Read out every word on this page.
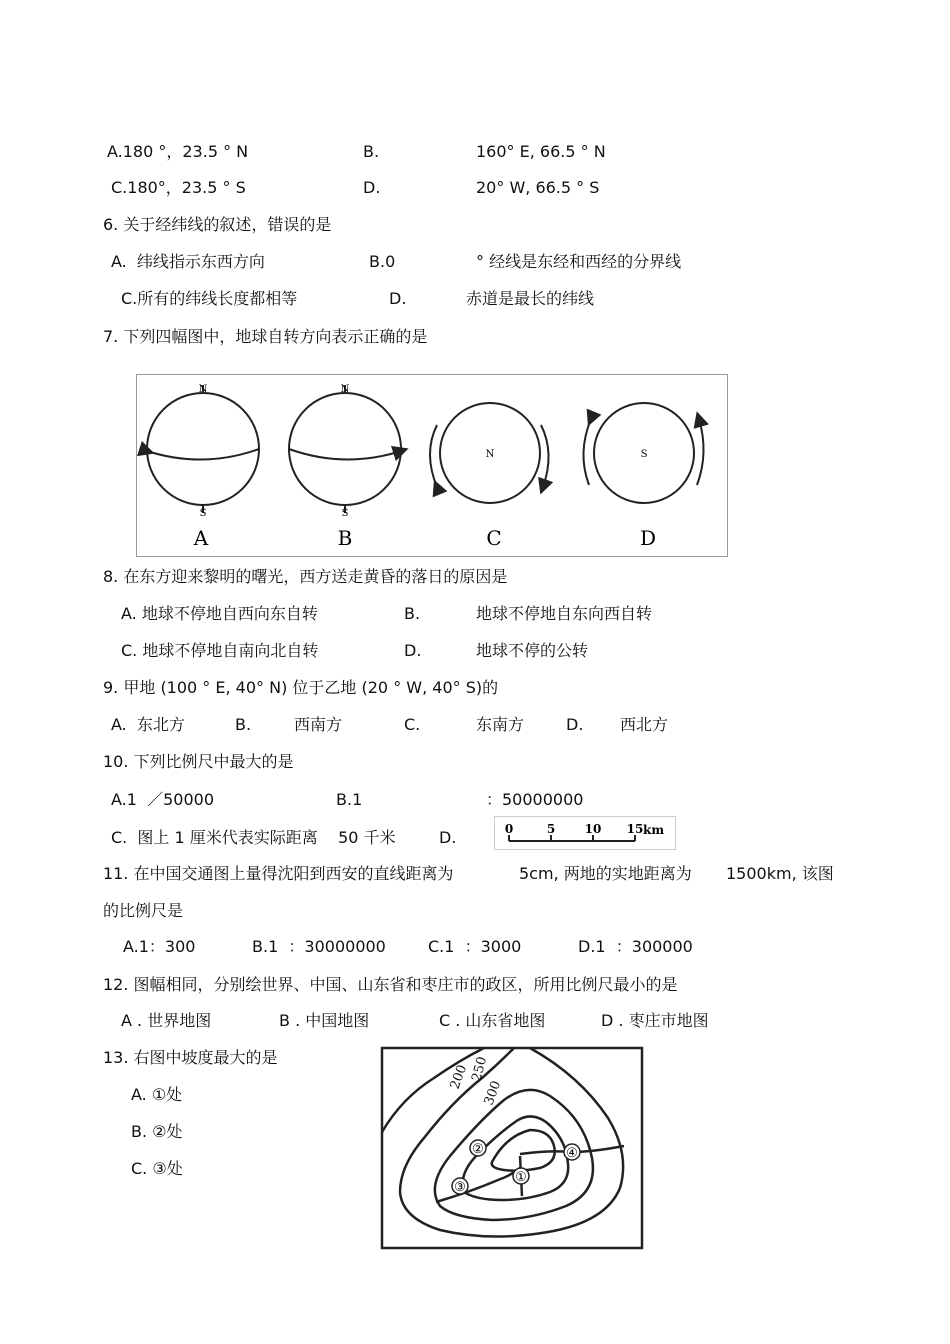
A.180 °，23.5 ° N	B.	160° E, 66.5 ° N
C.180°，23.5 ° S	D.	20° W, 66.5 ° S
6. 关于经纬线的叙述，错误的是
A.  纬线指示东西方向	B.0	° 经线是东经和西经的分界线
C.所有的纬线长度都相等	D.	赤道是最长的纬线
7. 下列四幅图中，地球自转方向表示正确的是
N
S
N
S
N	S
A	B	C	D
8. 在东方迎来黎明的曙光，西方送走黄昏的落日的原因是
A. 地球不停地自西向东自转	B.	地球不停地自东向西自转
C. 地球不停地自南向北自转	D.	地球不停的公转
9. 甲地 (100 ° E, 40° N) 位于乙地 (20 ° W, 40° S)的
A.  东北方	B.	西南方	C.	东南方	D. 西北方
10. 下列比例尺中最大的是
A.1  ／50000	B.1	：50000000
C.  图上 1 厘米代表实际距离    50 千米	D.	0	5 10 15 km
11. 在中国交通图上量得沈阳到西安的直线距离为	5cm, 两地的实地距离为 1500km, 该图
的比例尺是
A.1：300	B.1  ：30000000	C.1  ：3000	D.1  ：300000
12. 图幅相同，分别绘世界、中国、山东省和枣庄市的政区，所用比例尺最小的是
A . 世界地图	B . 中国地图	C . 山东省地图	D . 枣庄市地图
13. 右图中坡度最大的是
A. ①处
B. ②处
C. ③处	①
②
③
④
200 250
300
